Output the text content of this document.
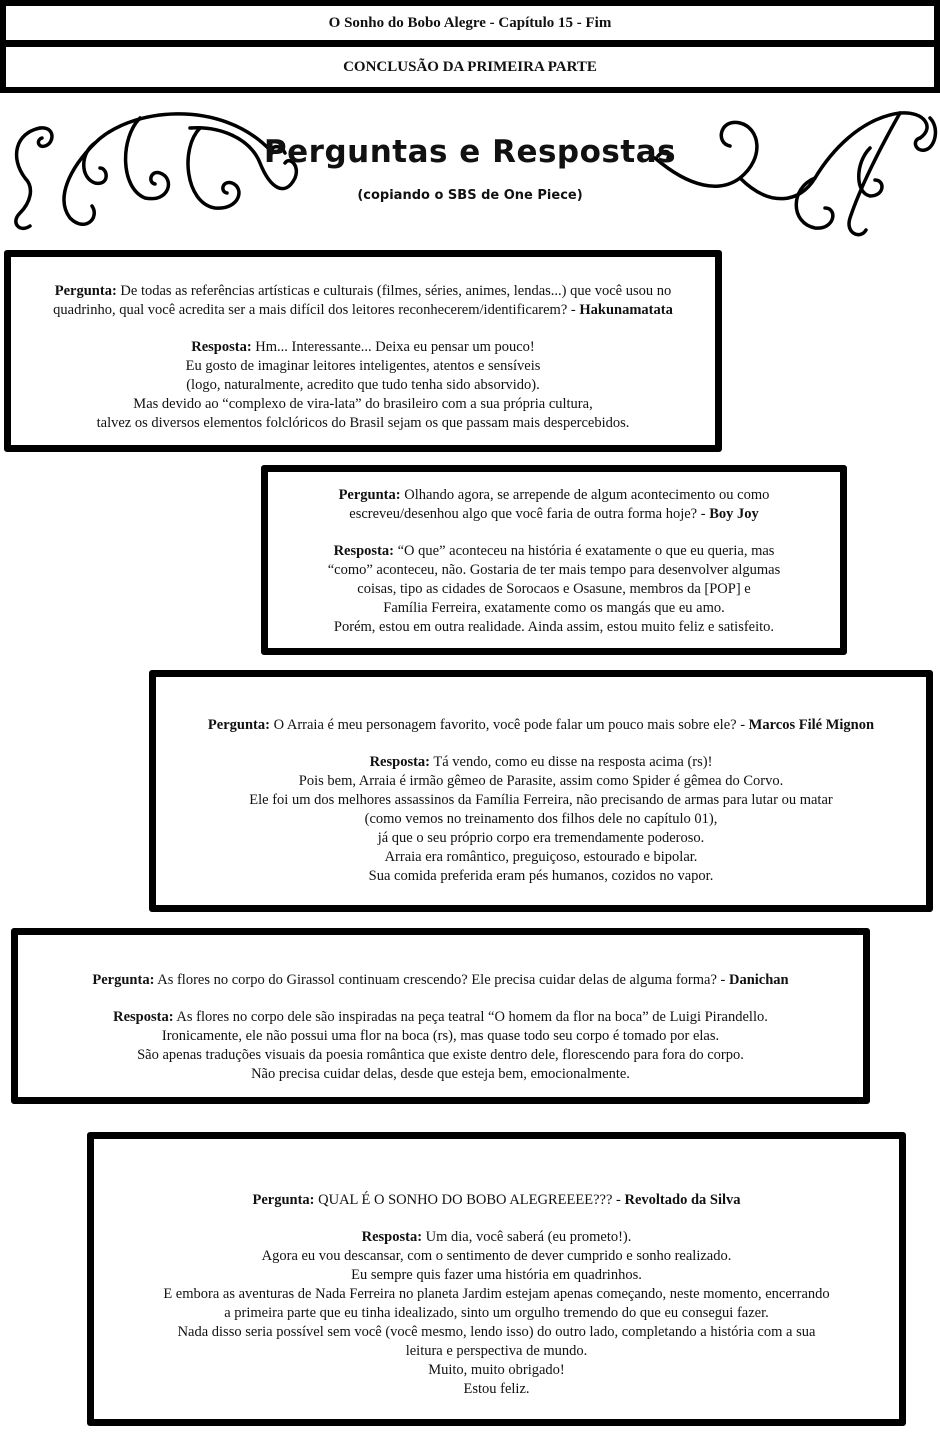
O Sonho do Bobo Alegre - Capítulo 15 - Fim
CONCLUSÃO DA PRIMEIRA PARTE
Perguntas e Respostas
(copiando o SBS de One Piece)

Pergunta: De todas as referências artísticas e culturais (filmes, séries, animes, lendas...) que você usou no
quadrinho, qual você acredita ser a mais difícil dos leitores reconhecerem/identificarem? - Hakunamatata

Resposta: Hm... Interessante... Deixa eu pensar um pouco!
Eu gosto de imaginar leitores inteligentes, atentos e sensíveis
(logo, naturalmente, acredito que tudo tenha sido absorvido).
Mas devido ao “complexo de vira-lata” do brasileiro com a sua própria cultura,
talvez os diversos elementos folclóricos do Brasil sejam os que passam mais despercebidos.

Pergunta: Olhando agora, se arrepende de algum acontecimento ou como
escreveu/desenhou algo que você faria de outra forma hoje? - Boy Joy

Resposta: “O que” aconteceu na história é exatamente o que eu queria, mas
“como” aconteceu, não. Gostaria de ter mais tempo para desenvolver algumas
coisas, tipo as cidades de Sorocaos e Osasune, membros da [POP] e
Família Ferreira, exatamente como os mangás que eu amo.
Porém, estou em outra realidade. Ainda assim, estou muito feliz e satisfeito.

Pergunta: O Arraia é meu personagem favorito, você pode falar um pouco mais sobre ele? - Marcos Filé Mignon

Resposta: Tá vendo, como eu disse na resposta acima (rs)!
Pois bem, Arraia é irmão gêmeo de Parasite, assim como Spider é gêmea do Corvo.
Ele foi um dos melhores assassinos da Família Ferreira, não precisando de armas para lutar ou matar
(como vemos no treinamento dos filhos dele no capítulo 01),
já que o seu próprio corpo era tremendamente poderoso.
Arraia era romântico, preguiçoso, estourado e bipolar.
Sua comida preferida eram pés humanos, cozidos no vapor.

Pergunta: As flores no corpo do Girassol continuam crescendo? Ele precisa cuidar delas de alguma forma? - Danichan

Resposta: As flores no corpo dele são inspiradas na peça teatral “O homem da flor na boca” de Luigi Pirandello.
Ironicamente, ele não possui uma flor na boca (rs), mas quase todo seu corpo é tomado por elas.
São apenas traduções visuais da poesia romântica que existe dentro dele, florescendo para fora do corpo.
Não precisa cuidar delas, desde que esteja bem, emocionalmente.

Pergunta: QUAL É O SONHO DO BOBO ALEGREEEE??? - Revoltado da Silva

Resposta: Um dia, você saberá (eu prometo!).
Agora eu vou descansar, com o sentimento de dever cumprido e sonho realizado.
Eu sempre quis fazer uma história em quadrinhos.
E embora as aventuras de Nada Ferreira no planeta Jardim estejam apenas começando, neste momento, encerrando
a primeira parte que eu tinha idealizado, sinto um orgulho tremendo do que eu consegui fazer.
Nada disso seria possível sem você (você mesmo, lendo isso) do outro lado, completando a história com a sua
leitura e perspectiva de mundo.
Muito, muito obrigado!
Estou feliz.
